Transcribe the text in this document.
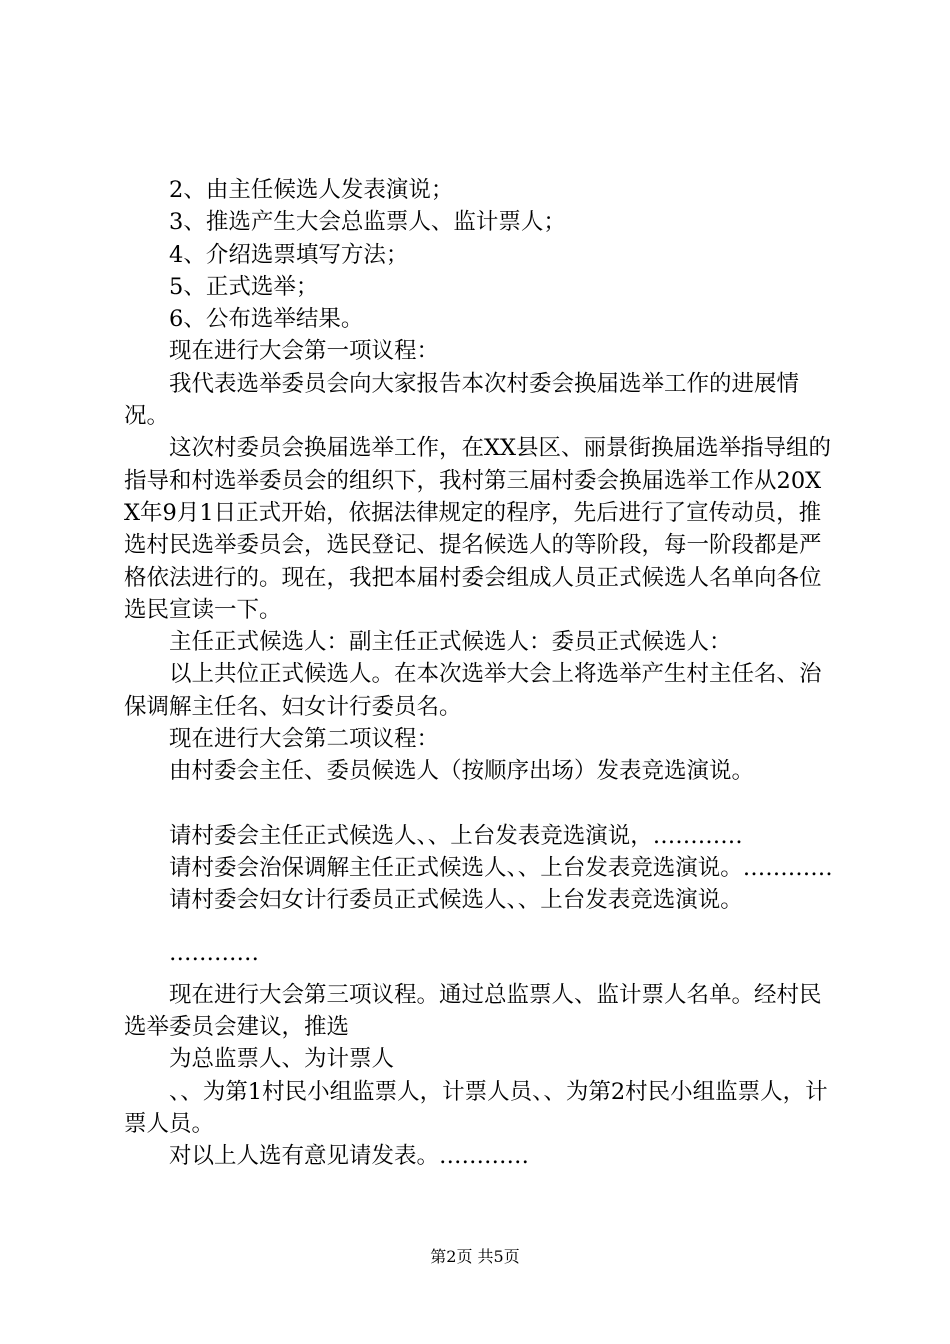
2、由主任候选人发表演说；

3、推选产生大会总监票人、监计票人；

4、介绍选票填写方法；

5、正式选举；

6、公布选举结果。

现在进行大会第一项议程：

我代表选举委员会向大家报告本次村委会换届选举工作的进展情况。

这次村委员会换届选举工作，在XX县区、丽景街换届选举指导组的指导和村选举委员会的组织下，我村第三届村委会换届选举工作从20XX年9月1日正式开始，依据法律规定的程序，先后进行了宣传动员，推选村民选举委员会，选民登记、提名候选人的等阶段，每一阶段都是严格依法进行的。现在，我把本届村委会组成人员正式候选人名单向各位选民宣读一下。

主任正式候选人：副主任正式候选人：委员正式候选人：

以上共位正式候选人。在本次选举大会上将选举产生村主任名、治保调解主任名、妇女计行委员名。

现在进行大会第二项议程：

由村委会主任、委员候选人（按顺序出场）发表竞选演说。

请村委会主任正式候选人、、上台发表竞选演说，…………

请村委会治保调解主任正式候选人、、上台发表竞选演说。…………

请村委会妇女计行委员正式候选人、、上台发表竞选演说。

…………

现在进行大会第三项议程。通过总监票人、监计票人名单。经村民选举委员会建议，推选

为总监票人、为计票人

、、为第1村民小组监票人，计票人员、、为第2村民小组监票人，计票人员。

对以上人选有意见请发表。…………

第2页 共5页
